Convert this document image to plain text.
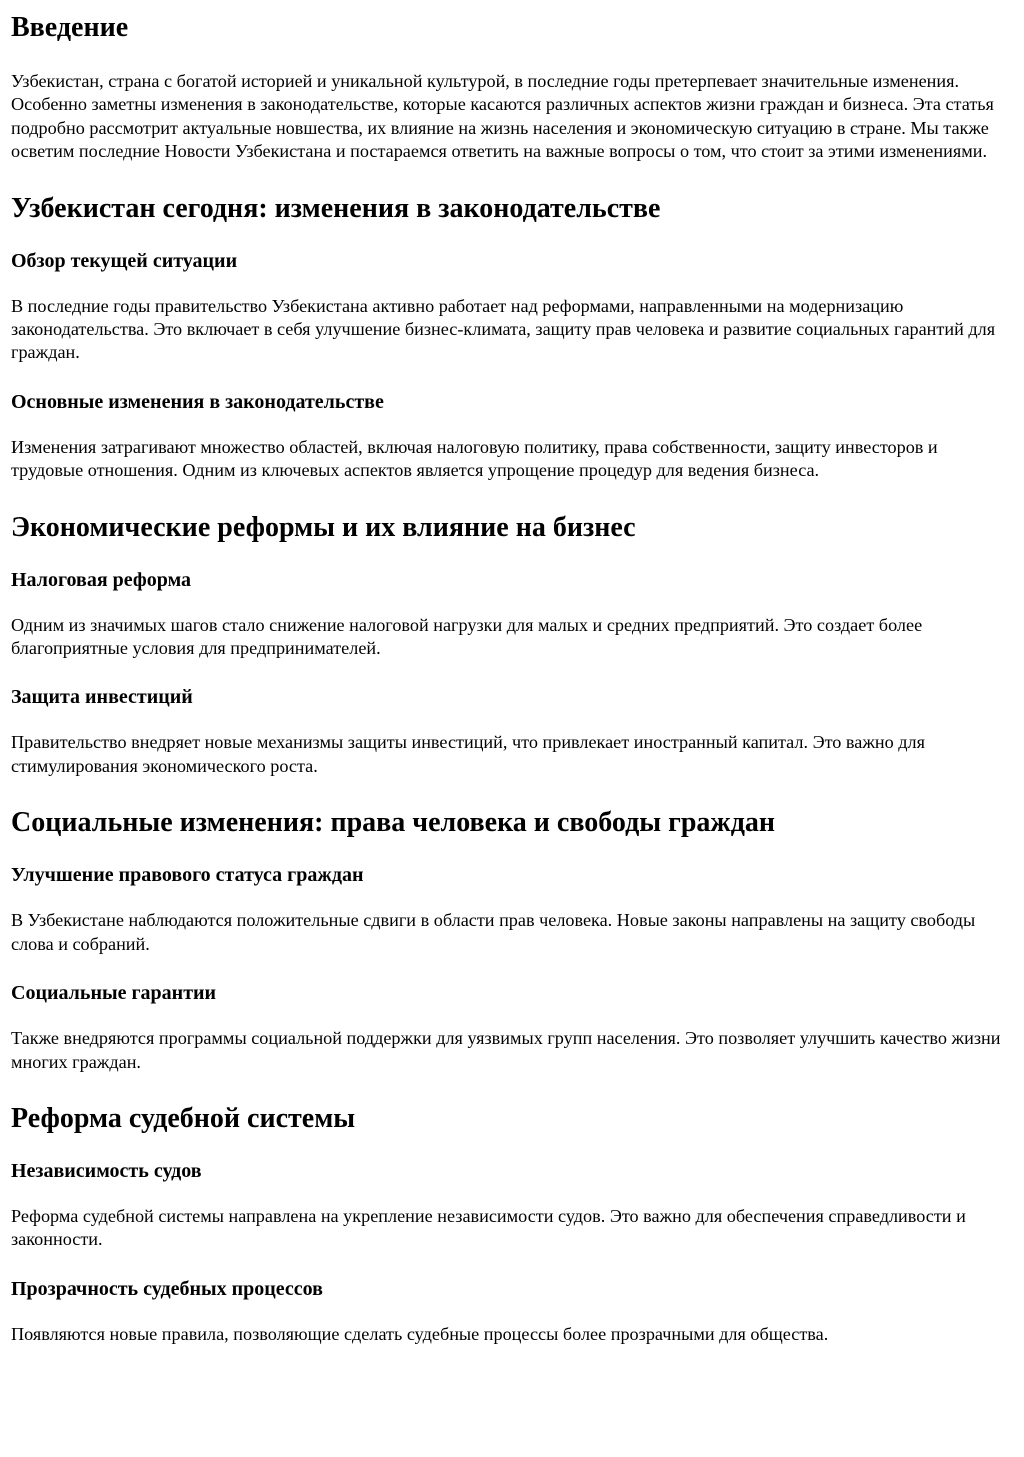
Введение

Узбекистан, страна с богатой историей и уникальной культурой, в последние годы претерпевает значительные изменения. Особенно заметны изменения в законодательстве, которые касаются различных аспектов жизни граждан и бизнеса. Эта статья подробно рассмотрит актуальные новшества, их влияние на жизнь населения и экономическую ситуацию в стране. Мы также осветим последние Новости Узбекистана и постараемся ответить на важные вопросы о том, что стоит за этими изменениями.

Узбекистан сегодня: изменения в законодательстве
Обзор текущей ситуации

В последние годы правительство Узбекистана активно работает над реформами, направленными на модернизацию законодательства. Это включает в себя улучшение бизнес-климата, защиту прав человека и развитие социальных гарантий для граждан.

Основные изменения в законодательстве

Изменения затрагивают множество областей, включая налоговую политику, права собственности, защиту инвесторов и трудовые отношения. Одним из ключевых аспектов является упрощение процедур для ведения бизнеса.

Экономические реформы и их влияние на бизнес
Налоговая реформа

Одним из значимых шагов стало снижение налоговой нагрузки для малых и средних предприятий. Это создает более благоприятные условия для предпринимателей.

Защита инвестиций

Правительство внедряет новые механизмы защиты инвестиций, что привлекает иностранный капитал. Это важно для стимулирования экономического роста.

Социальные изменения: права человека и свободы граждан
Улучшение правового статуса граждан

В Узбекистане наблюдаются положительные сдвиги в области прав человека. Новые законы направлены на защиту свободы слова и собраний.

Социальные гарантии

Также внедряются программы социальной поддержки для уязвимых групп населения. Это позволяет улучшить качество жизни многих граждан.

Реформа судебной системы
Независимость судов

Реформа судебной системы направлена на укрепление независимости судов. Это важно для обеспечения справедливости и законности.

Прозрачность судебных процессов

Появляются новые правила, позволяющие сделать судебные процессы более прозрачными для общества.
